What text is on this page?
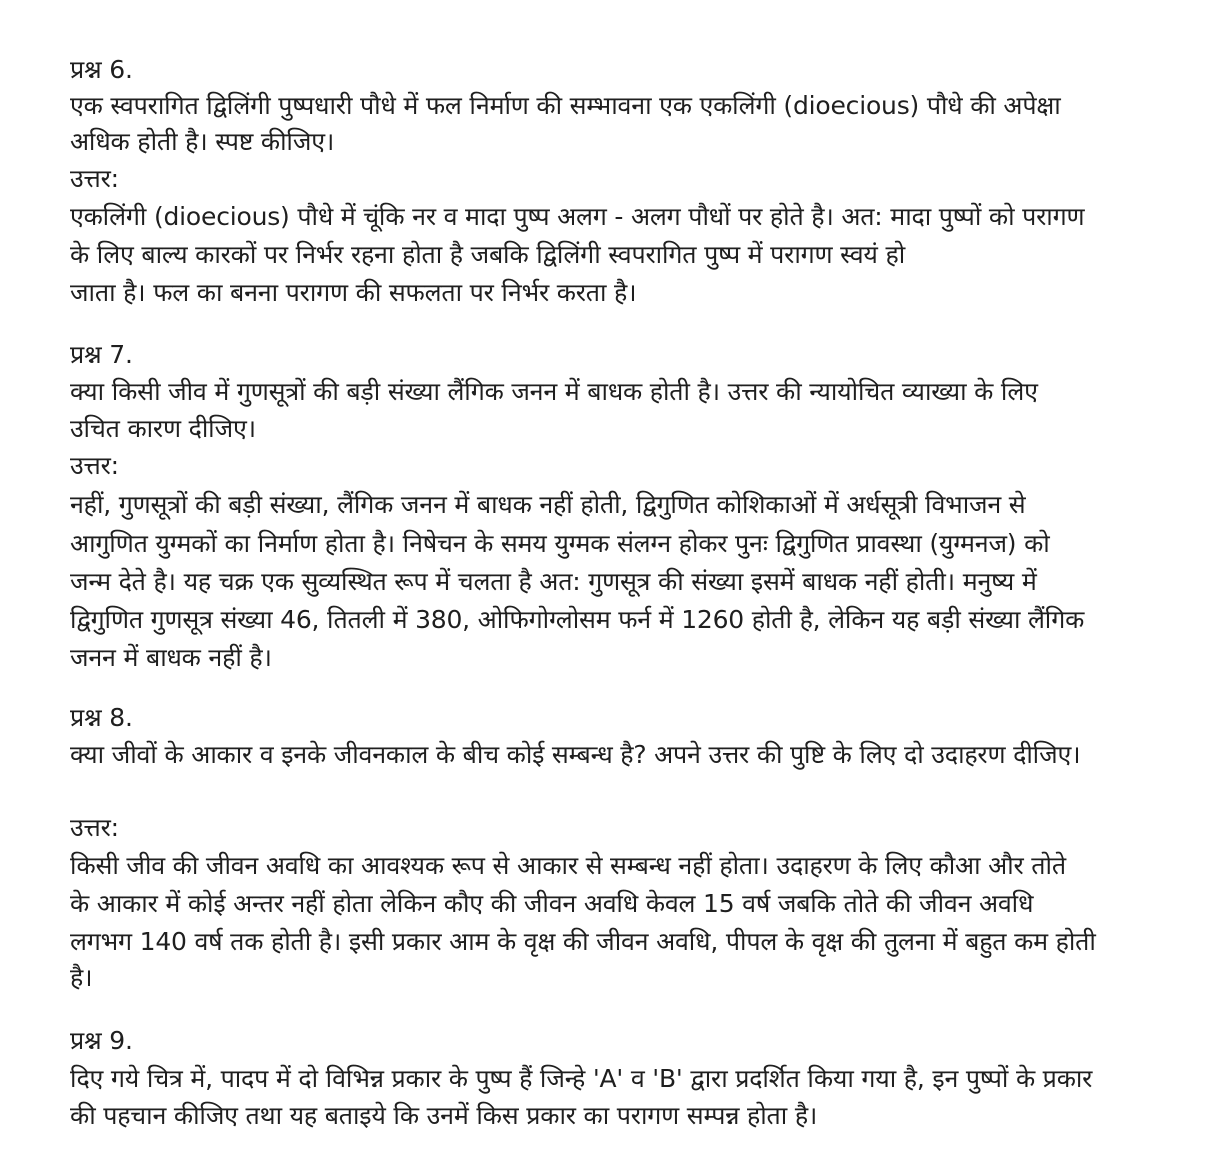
प्रश्न 6.
एक स्वपरागित द्विलिंगी पुष्पधारी पौधे में फल निर्माण की सम्भावना एक एकलिंगी (dioecious) पौधे की अपेक्षा
अधिक होती है। स्पष्ट कीजिए।
उत्तर:
एकलिंगी (dioecious) पौधे में चूंकि नर व मादा पुष्प अलग - अलग पौधों पर होते है। अत: मादा पुष्पों को परागण
के लिए बाल्य कारकों पर निर्भर रहना होता है जबकि द्विलिंगी स्वपरागित पुष्प में परागण स्वयं हो
जाता है। फल का बनना परागण की सफलता पर निर्भर करता है।
प्रश्न 7.
क्या किसी जीव में गुणसूत्रों की बड़ी संख्या लैंगिक जनन में बाधक होती है। उत्तर की न्यायोचित व्याख्या के लिए
उचित कारण दीजिए।
उत्तर:
नहीं, गुणसूत्रों की बड़ी संख्या, लैंगिक जनन में बाधक नहीं होती, द्विगुणित कोशिकाओं में अर्धसूत्री विभाजन से
आगुणित युग्मकों का निर्माण होता है। निषेचन के समय युग्मक संलग्न होकर पुनः द्विगुणित प्रावस्था (युग्मनज) को
जन्म देते है। यह चक्र एक सुव्यस्थित रूप में चलता है अत: गुणसूत्र की संख्या इसमें बाधक नहीं होती। मनुष्य में
द्विगुणित गुणसूत्र संख्या 46, तितली में 380, ओफिगोग्लोसम फर्न में 1260 होती है, लेकिन यह बड़ी संख्या लैंगिक
जनन में बाधक नहीं है।
प्रश्न 8.
क्या जीवों के आकार व इनके जीवनकाल के बीच कोई सम्बन्ध है? अपने उत्तर की पुष्टि के लिए दो उदाहरण दीजिए।
उत्तर:
किसी जीव की जीवन अवधि का आवश्यक रूप से आकार से सम्बन्ध नहीं होता। उदाहरण के लिए कौआ और तोते
के आकार में कोई अन्तर नहीं होता लेकिन कौए की जीवन अवधि केवल 15 वर्ष जबकि तोते की जीवन अवधि
लगभग 140 वर्ष तक होती है। इसी प्रकार आम के वृक्ष की जीवन अवधि, पीपल के वृक्ष की तुलना में बहुत कम होती
है।
प्रश्न 9.
दिए गये चित्र में, पादप में दो विभिन्न प्रकार के पुष्प हैं जिन्हे 'A' व 'B' द्वारा प्रदर्शित किया गया है, इन पुष्पों के प्रकार
की पहचान कीजिए तथा यह बताइये कि उनमें किस प्रकार का परागण सम्पन्न होता है।
